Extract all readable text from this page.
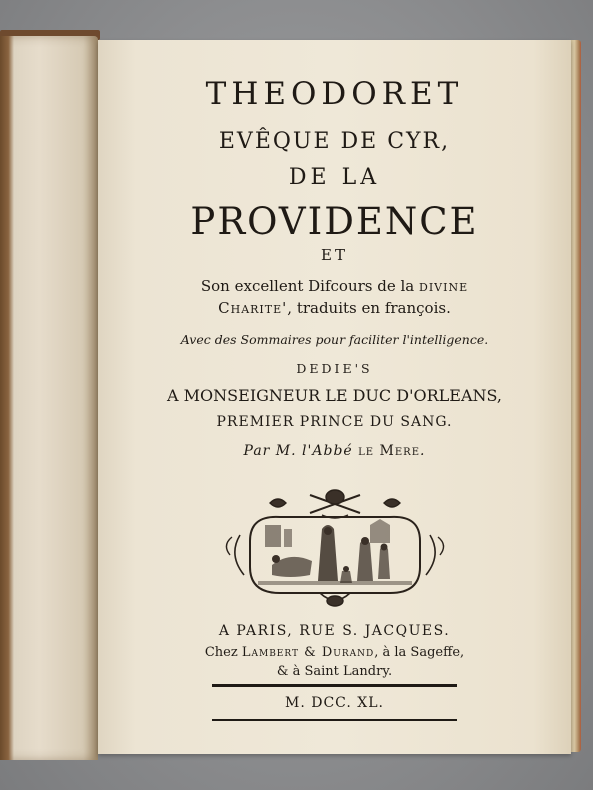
THEODORET
EVÊQUE DE CYR,
DE LA
PROVIDENCE
ET
Son excellent Difcours de la divine
Charite', traduits en françois.
Avec des Sommaires pour faciliter l'intelligence.
DEDIE'S
A MONSEIGNEUR LE DUC D'ORLEANS,
PREMIER PRINCE DU SANG.
Par M. l'Abbé le Mere.
A PARIS, RUE S. JACQUES.
Chez Lambert & Durand, à la Sageffe,
& à Saint Landry.
M. DCC. XL.
